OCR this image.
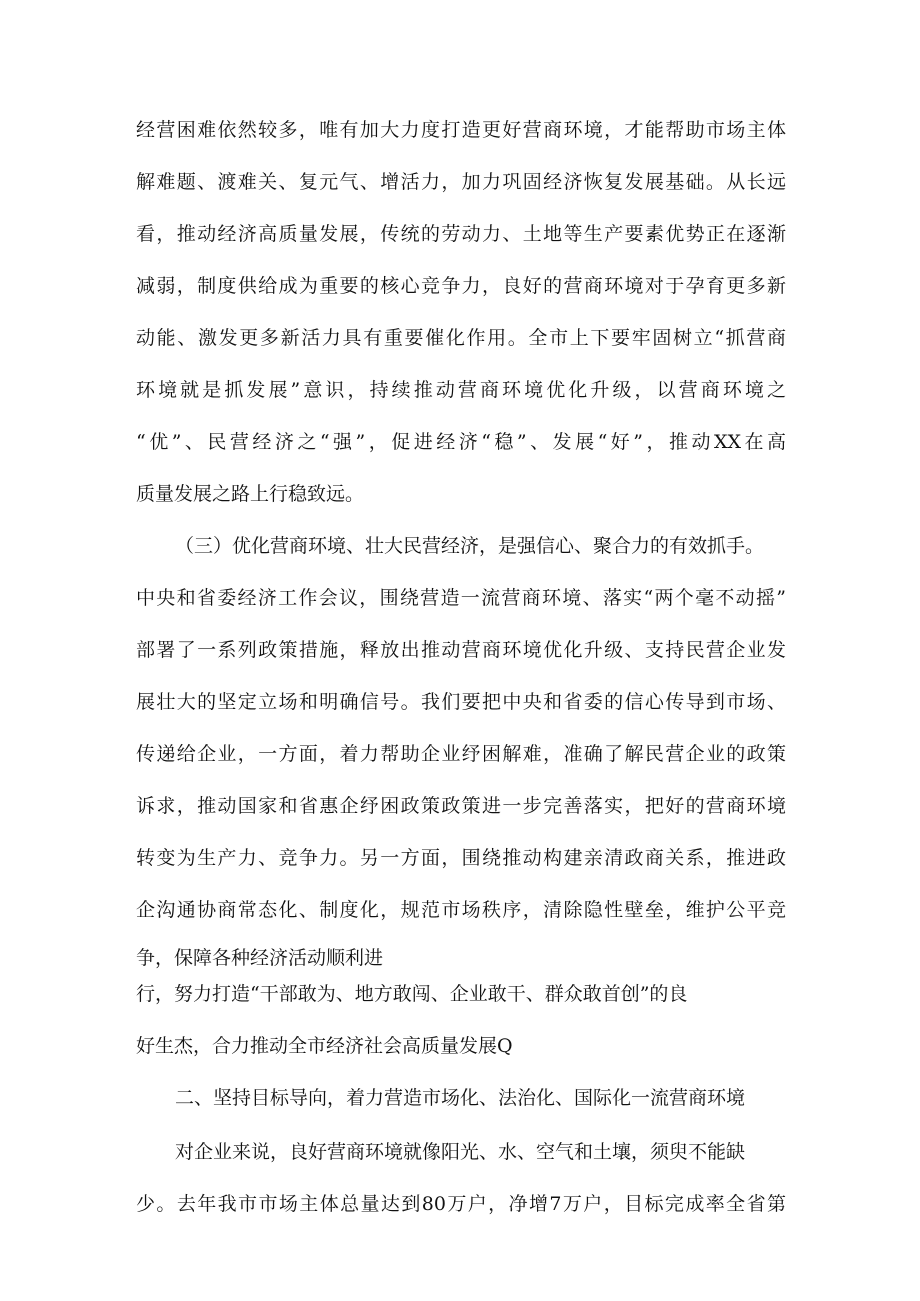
经营困难依然较多，唯有加大力度打造更好营商环境，才能帮助市场主体

解难题、渡难关、复元气、增活力，加力巩固经济恢复发展基础。从长远

看，推动经济高质量发展，传统的劳动力、土地等生产要素优势正在逐渐

减弱，制度供给成为重要的核心竞争力，良好的营商环境对于孕育更多新

动能、激发更多新活力具有重要催化作用。全市上下要牢固树立“抓营商

环境就是抓发展”意识，持续推动营商环境优化升级，以营商环境之

“优”、民营经济之“强”，促进经济“稳”、发展“好”，推动XX在高

质量发展之路上行稳致远。

（三）优化营商环境、壮大民营经济，是强信心、聚合力的有效抓手。

中央和省委经济工作会议，围绕营造一流营商环境、落实“两个毫不动摇”

部署了一系列政策措施，释放出推动营商环境优化升级、支持民营企业发

展壮大的坚定立场和明确信号。我们要把中央和省委的信心传导到市场、

传递给企业，一方面，着力帮助企业纾困解难，准确了解民营企业的政策

诉求，推动国家和省惠企纾困政策政策进一步完善落实，把好的营商环境

转变为生产力、竞争力。另一方面，围绕推动构建亲清政商关系，推进政

企沟通协商常态化、制度化，规范市场秩序，清除隐性壁垒，维护公平竞

争，保障各种经济活动顺利进

行，努力打造“干部敢为、地方敢闯、企业敢干、群众敢首创”的良

好生杰，合力推动全市经济社会高质量发展Q

二、坚持目标导向，着力营造市场化、法治化、国际化一流营商环境

对企业来说，良好营商环境就像阳光、水、空气和土壤，须臾不能缺

少。去年我市市场主体总量达到80万户，净增7万户，目标完成率全省第
